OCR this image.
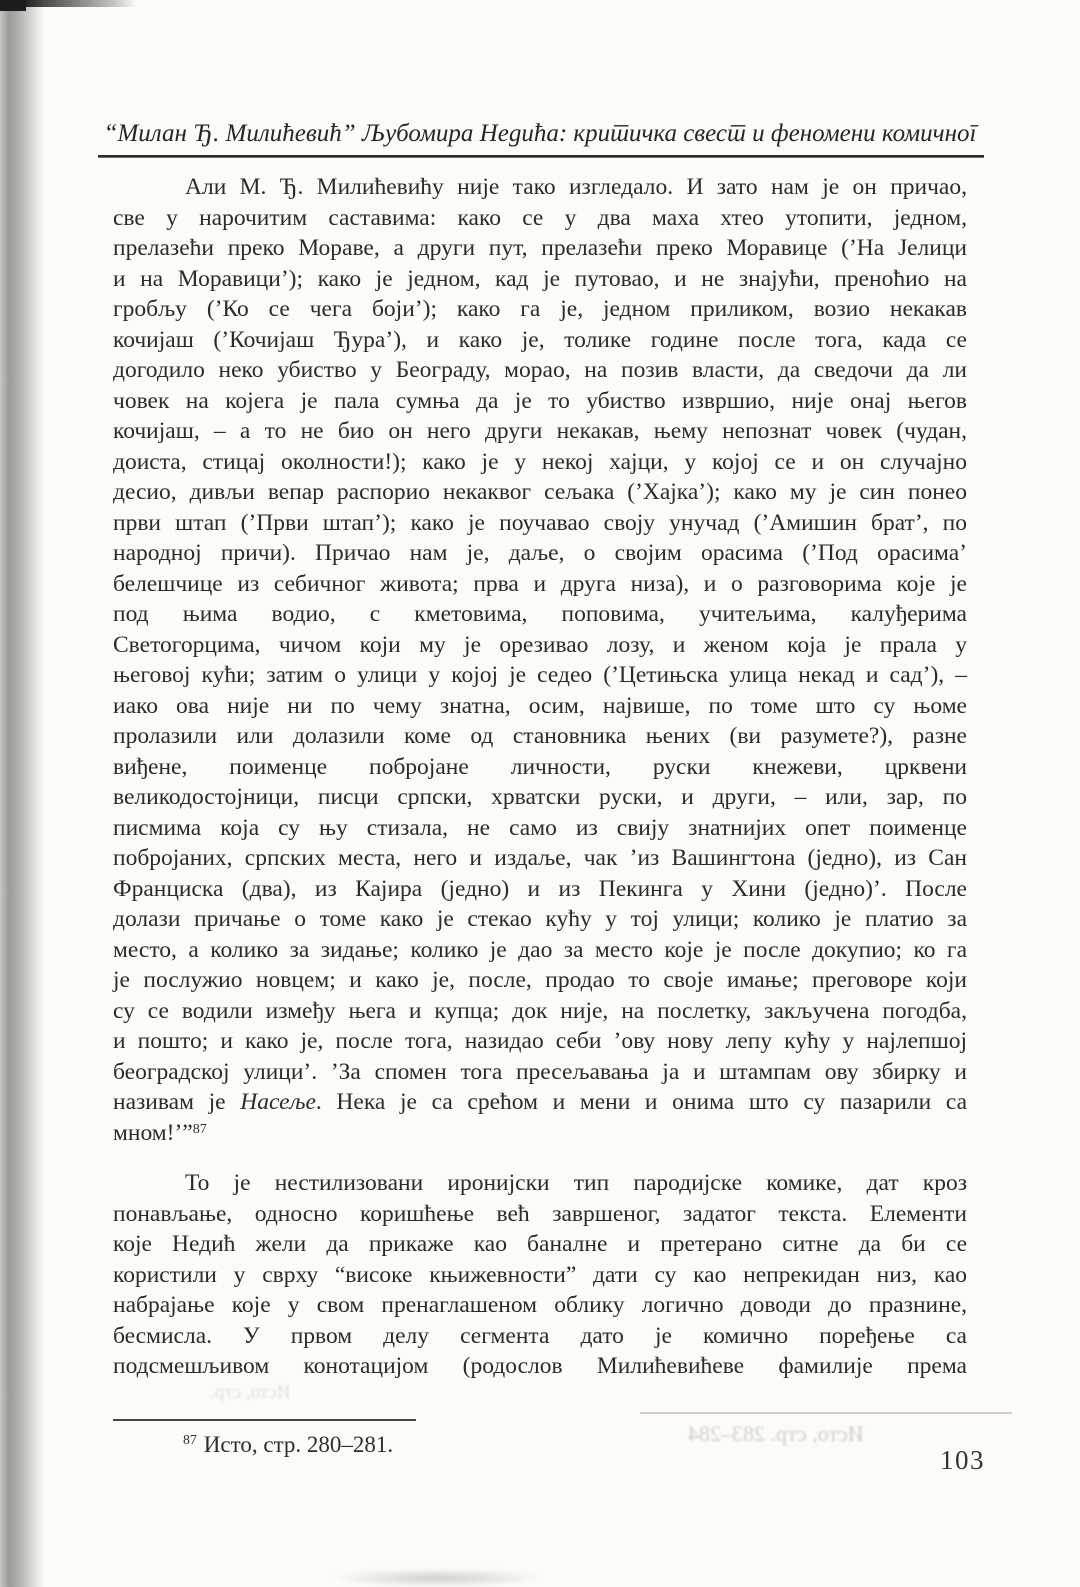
“Милан Ђ. Милићевић” Љубомира Недића: критичка свест и феномени комичног
Али М. Ђ. Милићевићу није тако изгледало. И зато нам је он причао,
све у нарочитим саставима: како се у два маха хтео утопити, једном,
прелазећи преко Мораве, а други пут, прелазећи преко Моравице (’На Јелици
и на Моравици’); како је једном, кад је путовао, и не знајући, преноћио на
гробљу (’Ко се чега боји’); како га је, једном приликом, возио некакав
кочијаш (’Кочијаш Ђура’), и како је, толике године после тога, када се
догодило неко убиство у Београду, морао, на позив власти, да сведочи да ли
човек на којега је пала сумња да је то убиство извршио, није онај његов
кочијаш, – а то не био он него други некакав, њему непознат човек (чудан,
доиста, стицај околности!); како је у некој хајци, у којој се и он случајно
десио, дивљи вепар распорио некаквог сељака (’Хајка’); како му је син понео
први штап (’Први штап’); како је поучавао своју унучад (’Амишин брат’, по
народној причи). Причао нам је, даље, о својим орасима (’Под орасима’
белешчице из себичног живота; прва и друга низа), и о разговорима које је
под њима водио, с кметовима, поповима, учитељима, калуђерима
Светогорцима, чичом који му је орезивао лозу, и женом која је прала у
његовој кући; затим о улици у којој је седео (’Цетињска улица некад и сад’), –
иако ова није ни по чему знатна, осим, највише, по томе што су њоме
пролазили или долазили коме од становника њених (ви разумете?), разне
виђене, поименце побројане личности, руски кнежеви, црквени
великодостојници, писци српски, хрватски руски, и други, – или, зар, по
писмима која су њу стизала, не само из свију знатнијих опет поименце
побројаних, српских места, него и издаље, чак ’из Вашингтона (једно), из Сан
Франциска (два), из Кајира (једно) и из Пекинга у Хини (једно)’. После
долази причање о томе како је стекао кућу у тој улици; колико је платио за
место, а колико за зидање; колико је дао за место које је после докупио; ко га
је послужио новцем; и како је, после, продао то своје имање; преговоре који
су се водили између њега и купца; док није, на послетку, закључена погодба,
и пошто; и како је, после тога, назидао себи ’ову нову лепу кућу у најлепшој
београдској улици’. ’За спомен тога пресељавања ја и штампам ову збирку и
називам је Насеље. Нека је са срећом и мени и онима што су пазарили са
мном!’”$^{87}$
То је нестилизовани иронијски тип пародијске комике, дат кроз
понављање, односно коришћење већ завршеног, задатог текста. Елементи
које Недић жели да прикаже као баналне и претерано ситне да би се
користили у сврху “високе књижевности” дати су као непрекидан низ, као
набрајање које у свом пренаглашеном облику логично доводи до празнине,
бесмисла. У првом делу сегмента дато је комично поређење са
подсмешљивом конотацијом (родослов Милићевићеве фамилије према
Исто, стр.
Исто, стр. 283–284
$^{87}$ Исто, стр. 280–281.
103
